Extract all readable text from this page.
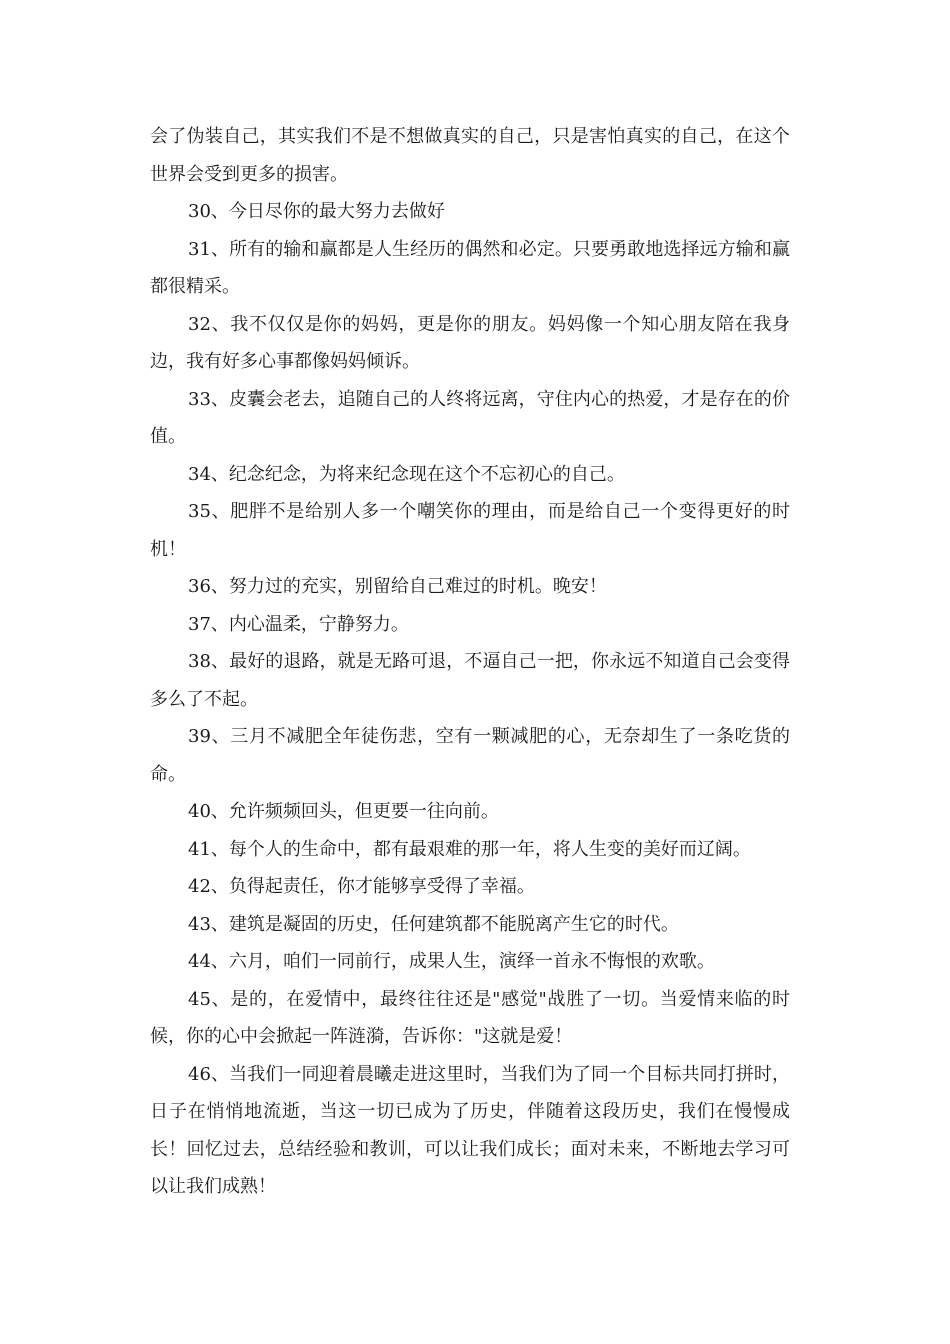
会了伪装自己，其实我们不是不想做真实的自己，只是害怕真实的自己，在这个世界会受到更多的损害。

30、今日尽你的最大努力去做好

31、所有的输和赢都是人生经历的偶然和必定。只要勇敢地选择远方输和赢都很精采。

32、我不仅仅是你的妈妈，更是你的朋友。妈妈像一个知心朋友陪在我身边，我有好多心事都像妈妈倾诉。

33、皮囊会老去，追随自己的人终将远离，守住内心的热爱，才是存在的价值。

34、纪念纪念，为将来纪念现在这个不忘初心的自己。

35、肥胖不是给别人多一个嘲笑你的理由，而是给自己一个变得更好的时机！

36、努力过的充实，别留给自己难过的时机。晚安！

37、内心温柔，宁静努力。

38、最好的退路，就是无路可退，不逼自己一把，你永远不知道自己会变得多么了不起。

39、三月不减肥全年徒伤悲，空有一颗减肥的心，无奈却生了一条吃货的命。

40、允许频频回头，但更要一往向前。

41、每个人的生命中，都有最艰难的那一年，将人生变的美好而辽阔。

42、负得起责任，你才能够享受得了幸福。

43、建筑是凝固的历史，任何建筑都不能脱离产生它的时代。

44、六月，咱们一同前行，成果人生，演绎一首永不悔恨的欢歌。

45、是的，在爱情中，最终往往还是"感觉"战胜了一切。当爱情来临的时候，你的心中会掀起一阵涟漪，告诉你："这就是爱！

46、当我们一同迎着晨曦走进这里时，当我们为了同一个目标共同打拼时，日子在悄悄地流逝，当这一切已成为了历史，伴随着这段历史，我们在慢慢成长！回忆过去，总结经验和教训，可以让我们成长；面对未来，不断地去学习可以让我们成熟！
